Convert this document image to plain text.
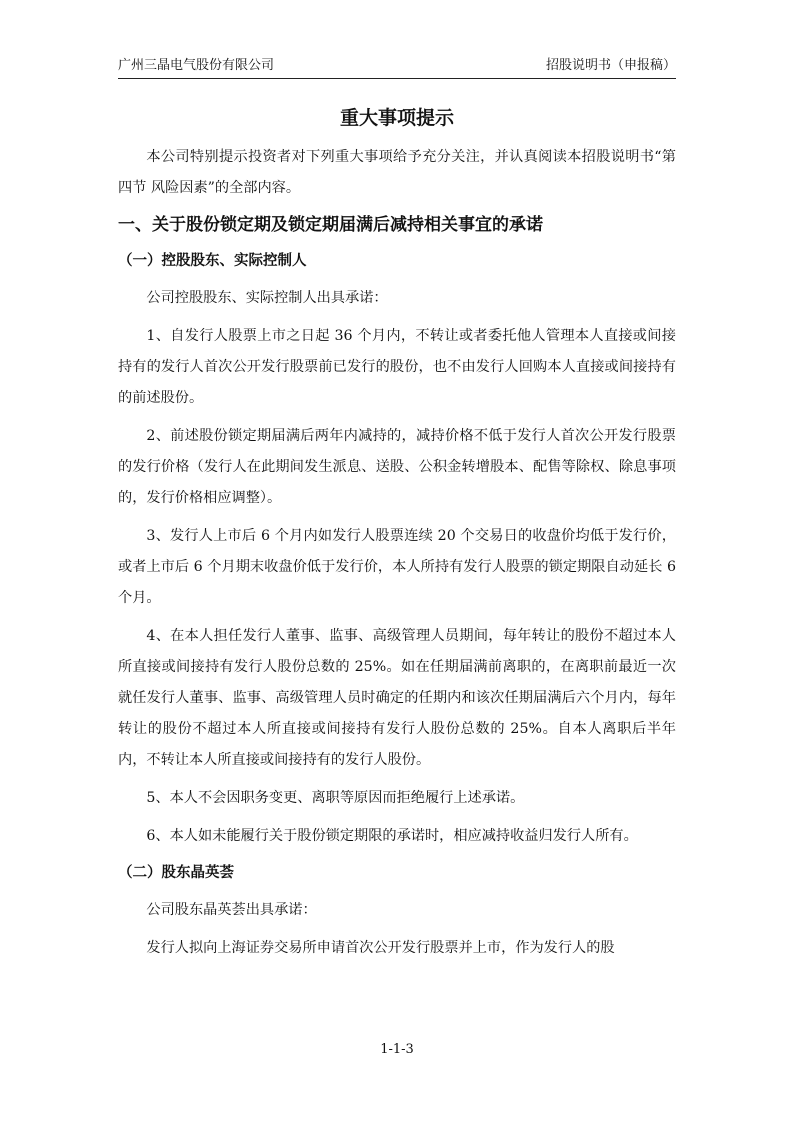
广州三晶电气股份有限公司	招股说明书（申报稿）
重大事项提示

本公司特别提示投资者对下列重大事项给予充分关注，并认真阅读本招股说明书“第四节 风险因素”的全部内容。

一、关于股份锁定期及锁定期届满后减持相关事宜的承诺
（一）控股股东、实际控制人

公司控股股东、实际控制人出具承诺：

1、自发行人股票上市之日起 36 个月内，不转让或者委托他人管理本人直接或间接持有的发行人首次公开发行股票前已发行的股份，也不由发行人回购本人直接或间接持有的前述股份。

2、前述股份锁定期届满后两年内减持的，减持价格不低于发行人首次公开发行股票的发行价格（发行人在此期间发生派息、送股、公积金转增股本、配售等除权、除息事项的，发行价格相应调整）。

3、发行人上市后 6 个月内如发行人股票连续 20 个交易日的收盘价均低于发行价，或者上市后 6 个月期末收盘价低于发行价，本人所持有发行人股票的锁定期限自动延长 6 个月。

4、在本人担任发行人董事、监事、高级管理人员期间，每年转让的股份不超过本人所直接或间接持有发行人股份总数的 25%。如在任期届满前离职的，在离职前最近一次就任发行人董事、监事、高级管理人员时确定的任期内和该次任期届满后六个月内，每年转让的股份不超过本人所直接或间接持有发行人股份总数的 25%。自本人离职后半年内，不转让本人所直接或间接持有的发行人股份。

5、本人不会因职务变更、离职等原因而拒绝履行上述承诺。

6、本人如未能履行关于股份锁定期限的承诺时，相应减持收益归发行人所有。

（二）股东晶英荟

公司股东晶英荟出具承诺：

发行人拟向上海证券交易所申请首次公开发行股票并上市，作为发行人的股

1-1-3
